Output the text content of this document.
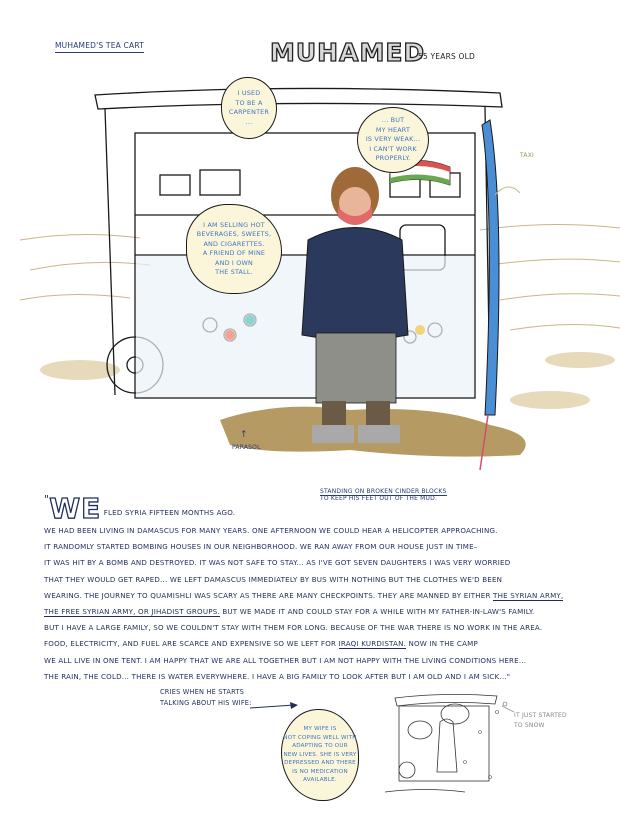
MUHAMED'S TEA CART	MUHAMED
55 YEARS OLD
I USED
TO BE A
CARPENTER
...	... BUT
MY HEART
IS VERY WEAK...
I CAN'T WORK
PROPERLY.
I AM SELLING HOT
BEVERAGES, SWEETS,
AND CIGARETTES.
A FRIEND OF MINE
AND I OWN
THE STALL.
TAXI
PARASOL
↑
STANDING ON BROKEN CINDER BLOCKS
TO KEEP HIS FEET OUT OF THE MUD.
"WE FLED SYRIA FIFTEEN MONTHS AGO.
WE HAD BEEN LIVING IN DAMASCUS FOR MANY YEARS. ONE AFTERNOON WE COULD HEAR A HELICOPTER APPROACHING.
IT RANDOMLY STARTED BOMBING HOUSES IN OUR NEIGHBORHOOD. WE RAN AWAY FROM OUR HOUSE JUST IN TIME–
IT WAS HIT BY A BOMB AND DESTROYED. IT WAS NOT SAFE TO STAY... AS I'VE GOT SEVEN DAUGHTERS I WAS VERY WORRIED
THAT THEY WOULD GET RAPED... WE LEFT DAMASCUS IMMEDIATELY BY BUS WITH NOTHING BUT THE CLOTHES WE'D BEEN
WEARING. THE JOURNEY TO QUAMISHLI WAS SCARY AS THERE ARE MANY CHECKPOINTS. THEY ARE MANNED BY EITHER THE SYRIAN ARMY,
THE FREE SYRIAN ARMY, OR JIHADIST GROUPS. BUT WE MADE IT AND COULD STAY FOR A WHILE WITH MY FATHER-IN-LAW'S FAMILY.
BUT I HAVE A LARGE FAMILY, SO WE COULDN'T STAY WITH THEM FOR LONG. BECAUSE OF THE WAR THERE IS NO WORK IN THE AREA.
FOOD, ELECTRICITY, AND FUEL ARE SCARCE AND EXPENSIVE SO WE LEFT FOR IRAQI KURDISTAN. NOW IN THE CAMP
WE ALL LIVE IN ONE TENT. I AM HAPPY THAT WE ARE ALL TOGETHER BUT I AM NOT HAPPY WITH THE LIVING CONDITIONS HERE...
THE RAIN, THE COLD... THERE IS WATER EVERYWHERE. I HAVE A BIG FAMILY TO LOOK AFTER BUT I AM OLD AND I AM SICK..."
CRIES WHEN HE STARTS
TALKING ABOUT HIS WIFE:
MY WIFE IS
NOT COPING WELL WITH
ADAPTING TO OUR
NEW LIVES. SHE IS VERY
DEPRESSED AND THERE
IS NO MEDICATION
AVAILABLE.
IT JUST STARTED
TO SNOW
